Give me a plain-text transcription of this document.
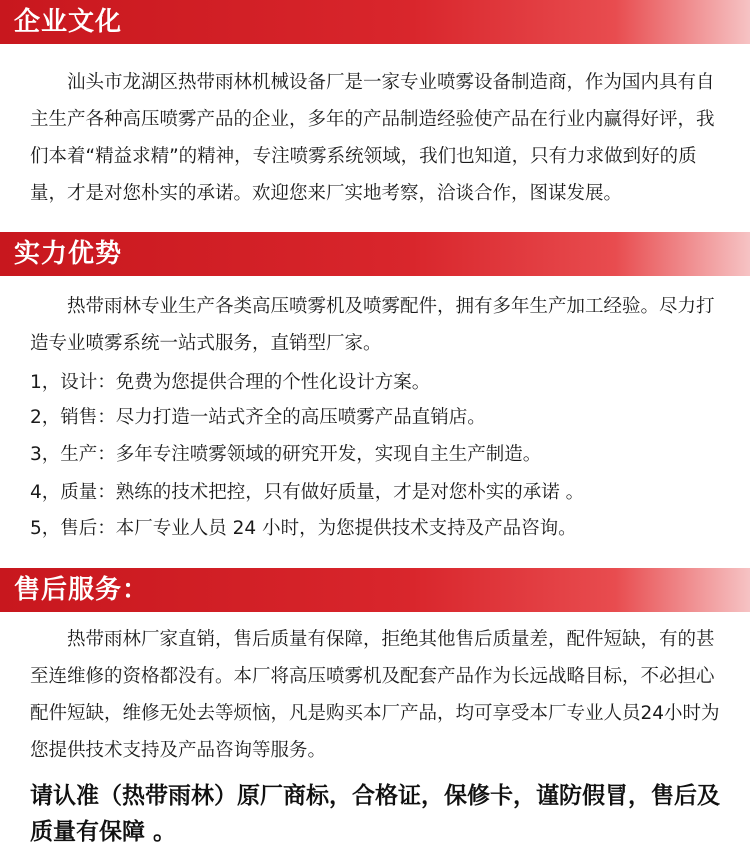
企业文化

汕头市龙湖区热带雨林机械设备厂是一家专业喷雾设备制造商，作为国内具有自主生产各种高压喷雾产品的企业，多年的产品制造经验使产品在行业内赢得好评，我们本着“精益求精”的精神，专注喷雾系统领域，我们也知道，只有力求做到好的质量，才是对您朴实的承诺。欢迎您来厂实地考察，洽谈合作，图谋发展。

实力优势

热带雨林专业生产各类高压喷雾机及喷雾配件，拥有多年生产加工经验。尽力打造专业喷雾系统一站式服务，直销型厂家。

1，设计：免费为您提供合理的个性化设计方案。

2，销售：尽力打造一站式齐全的高压喷雾产品直销店。

3，生产：多年专注喷雾领域的研究开发，实现自主生产制造。

4，质量：熟练的技术把控，只有做好质量，才是对您朴实的承诺 。

5，售后：本厂专业人员 24 小时，为您提供技术支持及产品咨询。

售后服务：

热带雨林厂家直销，售后质量有保障，拒绝其他售后质量差，配件短缺，有的甚至连维修的资格都没有。本厂将高压喷雾机及配套产品作为长远战略目标，不必担心配件短缺，维修无处去等烦恼，凡是购买本厂产品，均可享受本厂专业人员24小时为您提供技术支持及产品咨询等服务。

请认准（热带雨林）原厂商标，合格证，保修卡，谨防假冒，售后及质量有保障 。
